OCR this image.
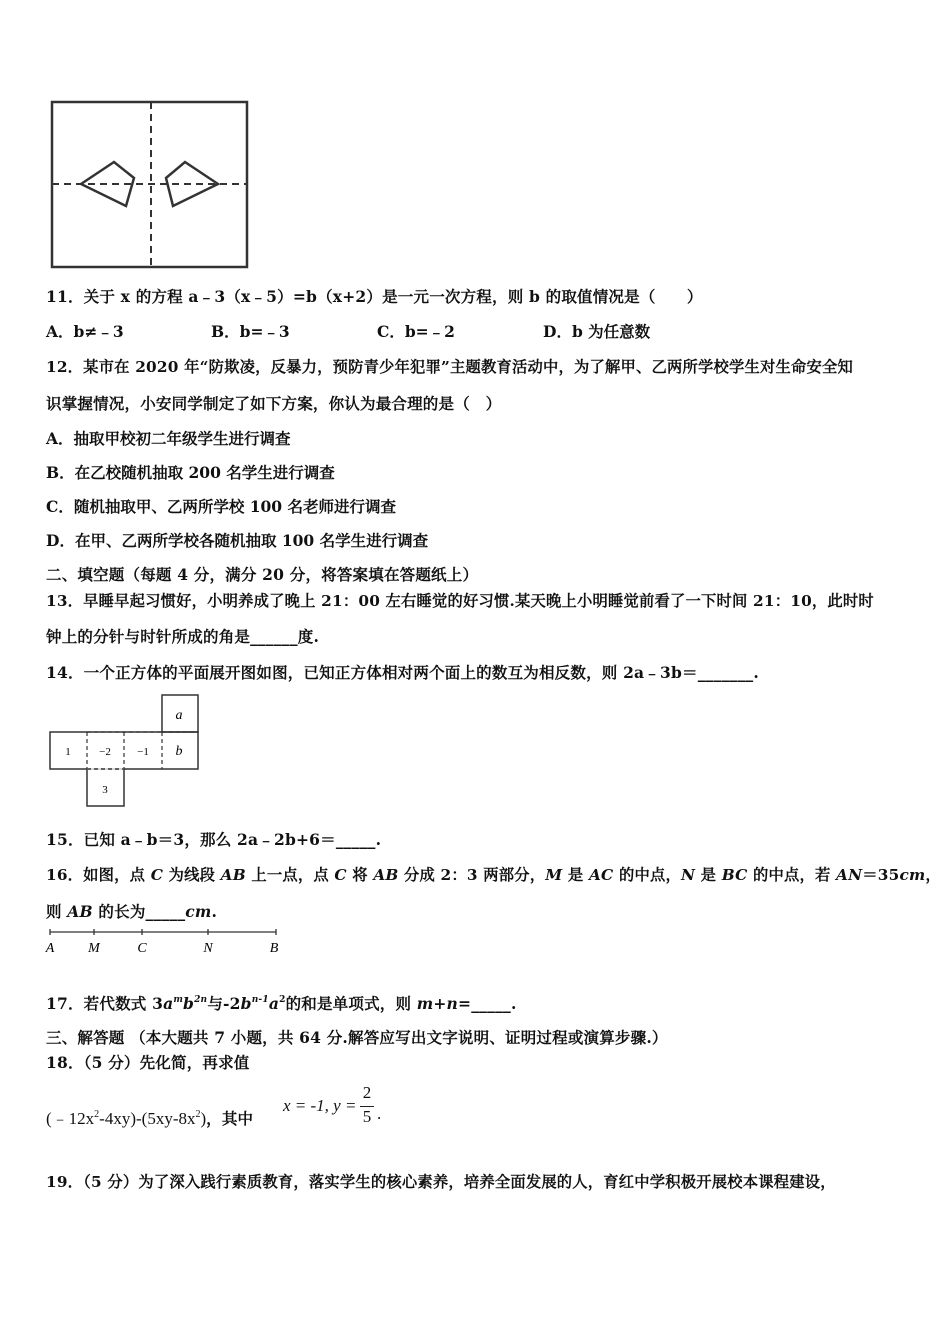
11．关于 x 的方程 a﹣3（x﹣5）=b（x+2）是一元一次方程，则 b 的取值情况是（　　）
A．b≠﹣3	B．b=﹣3	C．b=﹣2	D．b 为任意数
12．某市在 2020 年“防欺凌，反暴力，预防青少年犯罪”主题教育活动中，为了解甲、乙两所学校学生对生命安全知
识掌握情况，小安同学制定了如下方案，你认为最合理的是（　）
A．抽取甲校初二年级学生进行调查
B．在乙校随机抽取 200 名学生进行调查
C．随机抽取甲、乙两所学校 100 名老师进行调查
D．在甲、乙两所学校各随机抽取 100 名学生进行调查
二、填空题（每题 4 分，满分 20 分，将答案填在答题纸上）
13．早睡早起习惯好，小明养成了晚上 21：00 左右睡觉的好习惯.某天晚上小明睡觉前看了一下时间 21：10，此时时
钟上的分针与时针所成的角是______度.
14．一个正方体的平面展开图如图，已知正方体相对两个面上的数互为相反数，则 2a﹣3b＝_______.
1	−2 −1
a
b
3
15．已知 a﹣b＝3，那么 2a﹣2b+6＝_____.
16．如图，点 C 为线段 AB 上一点，点 C 将 AB 分成 2：3 两部分，M 是 AC 的中点，N 是 BC 的中点，若 AN＝35cm，
则 AB 的长为_____cm.
A M	C	N	B
17．若代数式 $3a^mb^{2n}$与$-2b^{n-1}a^2$的和是单项式，则 m+n=_____.
三、解答题 （本大题共 7 小题，共 64 分.解答应写出文字说明、证明过程或演算步骤.）
18．（5 分）先化简，再求值
$(﹣12x^2-4xy)-(5xy-8x^2)$，其中
x = -1, y =
2
5 .
19．（5 分）为了深入践行素质教育，落实学生的核心素养，培养全面发展的人，育红中学积极开展校本课程建设，
